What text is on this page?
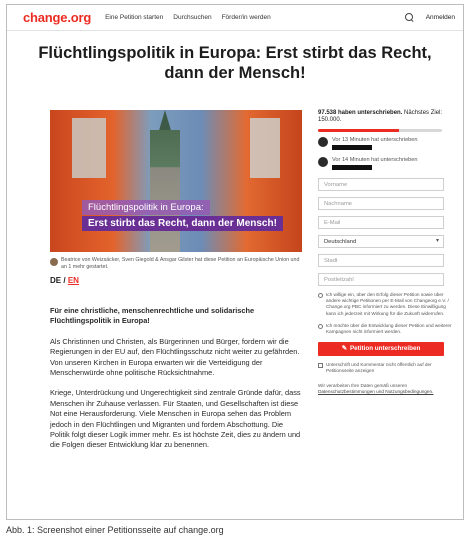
change.org Eine Petition starten Durchsuchen Förder/in werden	Anmelden
Flüchtlingspolitik in Europa: Erst stirbt das Recht, dann der Mensch!
Flüchtlingspolitik in Europa:
Erst stirbt das Recht, dann der Mensch!
Beatrice von Weizsäcker, Sven Giegold & Ansgar Gilster hat diese Petition an Europäische Union und an 1 mehr gestartet.
DE / EN

Für eine christliche, menschenrechtliche und solidarische Flüchtlingspolitik in Europa!

Als Christinnen und Christen, als Bürgerinnen und Bürger, fordern wir die Regierungen in der EU auf, den Flüchtlingsschutz nicht weiter zu gefährden. Von unseren Kirchen in Europa erwarten wir die Verteidigung der Menschenwürde ohne politische Rücksichtnahme.

Kriege, Unterdrückung und Ungerechtigkeit sind zentrale Gründe dafür, dass Menschen ihr Zuhause verlassen. Für Staaten, und Gesellschaften ist diese Not eine Herausforderung. Viele Menschen in Europa sehen das Problem jedoch in den Flüchtlingen und Migranten und fordern Abschottung. Die Politik folgt dieser Logik immer mehr. Es ist höchste Zeit, dies zu ändern und die Folgen dieser Entwicklung klar zu benennen.

97.538 haben unterschrieben. Nächstes Ziel: 150.000.
Vor 13 Minuten hat unterschrieben
Vor 14 Minuten hat unterschrieben
Vorname
Nachname
E-Mail
Deutschland ▾
Stadt
Postleitzahl
Ich willige ein, über den Erfolg dieser Petition sowie über andere wichtige Petitionen per E-Mail von Changeorg e.V. / Change.org PBC informiert zu werden. Diese Einwilligung kann ich jederzeit mit Wirkung für die Zukunft widerrufen.
Ich möchte über die Entwicklung dieser Petition und weiterer Kampagnen nicht informiert werden.
✎ Petition unterschreiben
Unterschrift und Kommentar nicht öffentlich auf der Petitionsseite anzeigen
Wir verarbeiten Ihre Daten gemäß unseren Datenschutzbestimmungen und Nutzungsbedingungen.
Abb. 1: Screenshot einer Petitionsseite auf change.org
